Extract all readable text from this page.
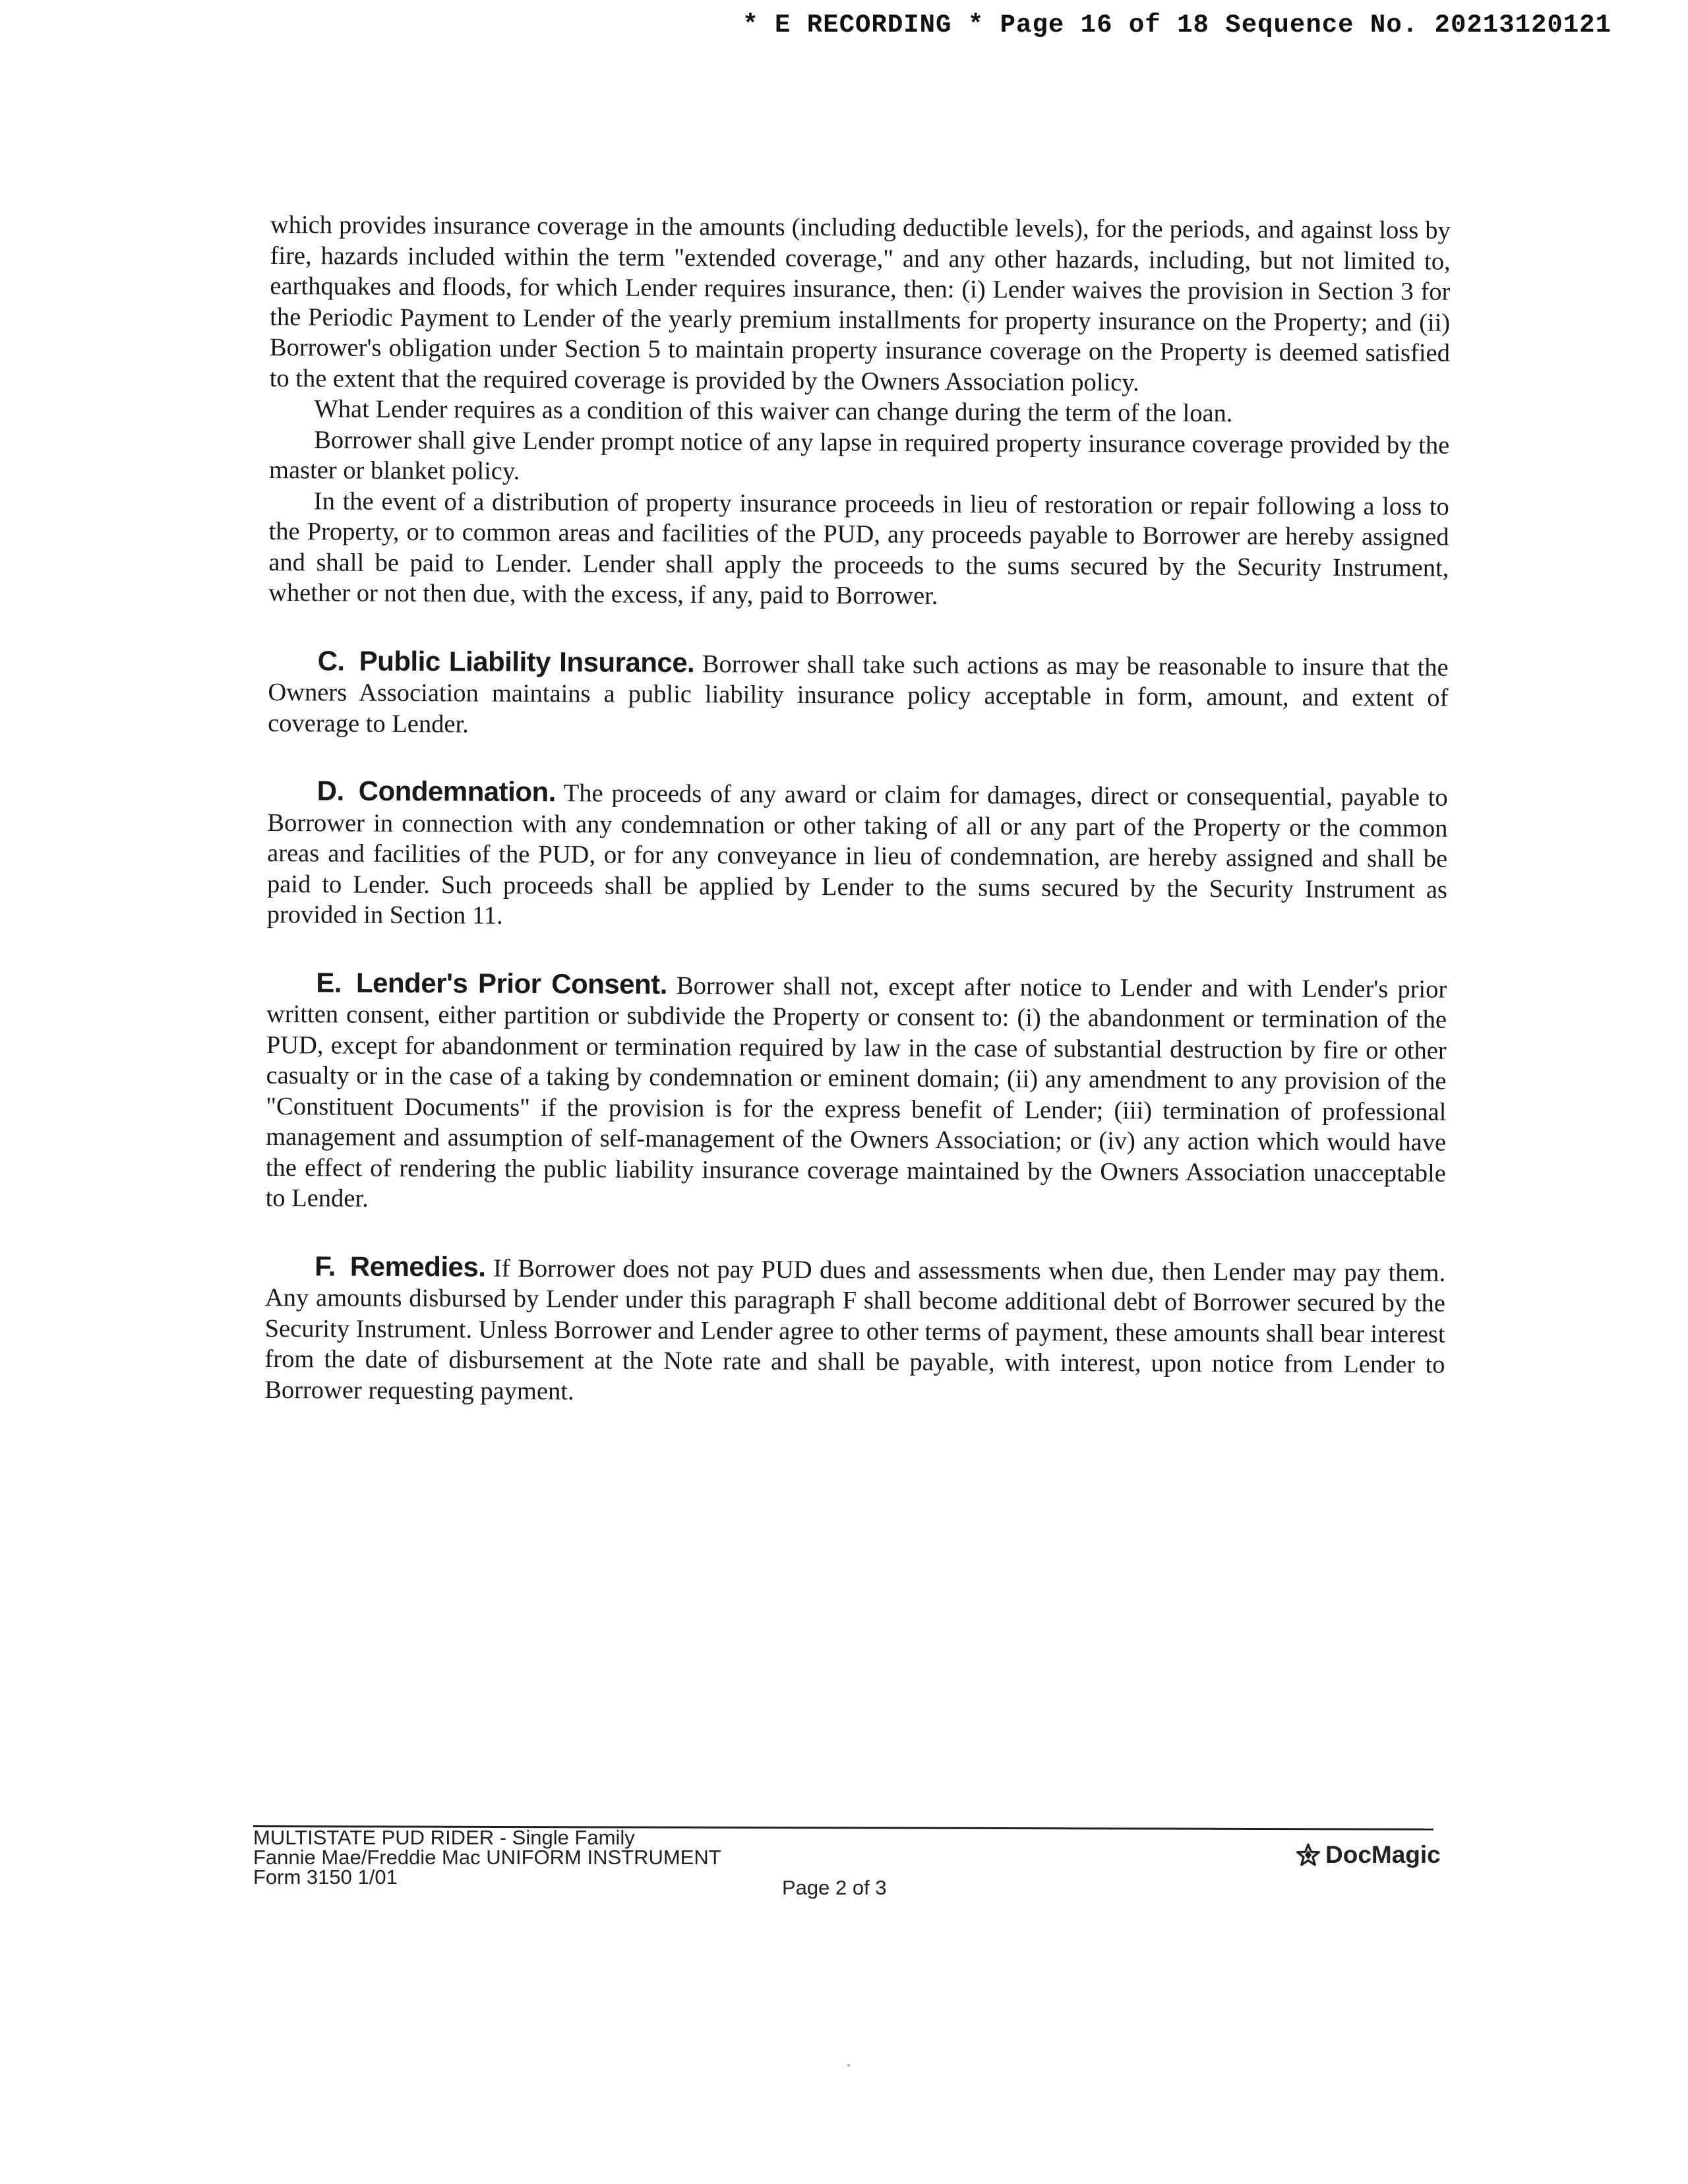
* E RECORDING * Page 16 of 18 Sequence No. 20213120121

which provides insurance coverage in the amounts (including deductible levels), for the periods, and against loss by fire, hazards included within the term "extended coverage," and any other hazards, including, but not limited to, earthquakes and floods, for which Lender requires insurance, then: (i) Lender waives the provision in Section 3 for the Periodic Payment to Lender of the yearly premium installments for property insurance on the Property; and (ii) Borrower's obligation under Section 5 to maintain property insurance coverage on the Property is deemed satisfied to the extent that the required coverage is provided by the Owners Association policy.

What Lender requires as a condition of this waiver can change during the term of the loan.

Borrower shall give Lender prompt notice of any lapse in required property insurance coverage provided by the master or blanket policy.

In the event of a distribution of property insurance proceeds in lieu of restoration or repair following a loss to the Property, or to common areas and facilities of the PUD, any proceeds payable to Borrower are hereby assigned and shall be paid to Lender. Lender shall apply the proceeds to the sums secured by the Security Instrument, whether or not then due, with the excess, if any, paid to Borrower.

C. Public Liability Insurance. Borrower shall take such actions as may be reasonable to insure that the Owners Association maintains a public liability insurance policy acceptable in form, amount, and extent of coverage to Lender.

D. Condemnation. The proceeds of any award or claim for damages, direct or consequential, payable to Borrower in connection with any condemnation or other taking of all or any part of the Property or the common areas and facilities of the PUD, or for any conveyance in lieu of condemnation, are hereby assigned and shall be paid to Lender. Such proceeds shall be applied by Lender to the sums secured by the Security Instrument as provided in Section 11.

E. Lender's Prior Consent. Borrower shall not, except after notice to Lender and with Lender's prior written consent, either partition or subdivide the Property or consent to: (i) the abandonment or termination of the PUD, except for abandonment or termination required by law in the case of substantial destruction by fire or other casualty or in the case of a taking by condemnation or eminent domain; (ii) any amendment to any provision of the "Constituent Documents" if the provision is for the express benefit of Lender; (iii) termination of professional management and assumption of self-management of the Owners Association; or (iv) any action which would have the effect of rendering the public liability insurance coverage maintained by the Owners Association unacceptable to Lender.

F. Remedies. If Borrower does not pay PUD dues and assessments when due, then Lender may pay them. Any amounts disbursed by Lender under this paragraph F shall become additional debt of Borrower secured by the Security Instrument. Unless Borrower and Lender agree to other terms of payment, these amounts shall bear interest from the date of disbursement at the Note rate and shall be payable, with interest, upon notice from Lender to Borrower requesting payment.

MULTISTATE PUD RIDER - Single Family
Fannie Mae/Freddie Mac UNIFORM INSTRUMENT
Form 3150 1/01	Page 2 of 3
DocMagic
